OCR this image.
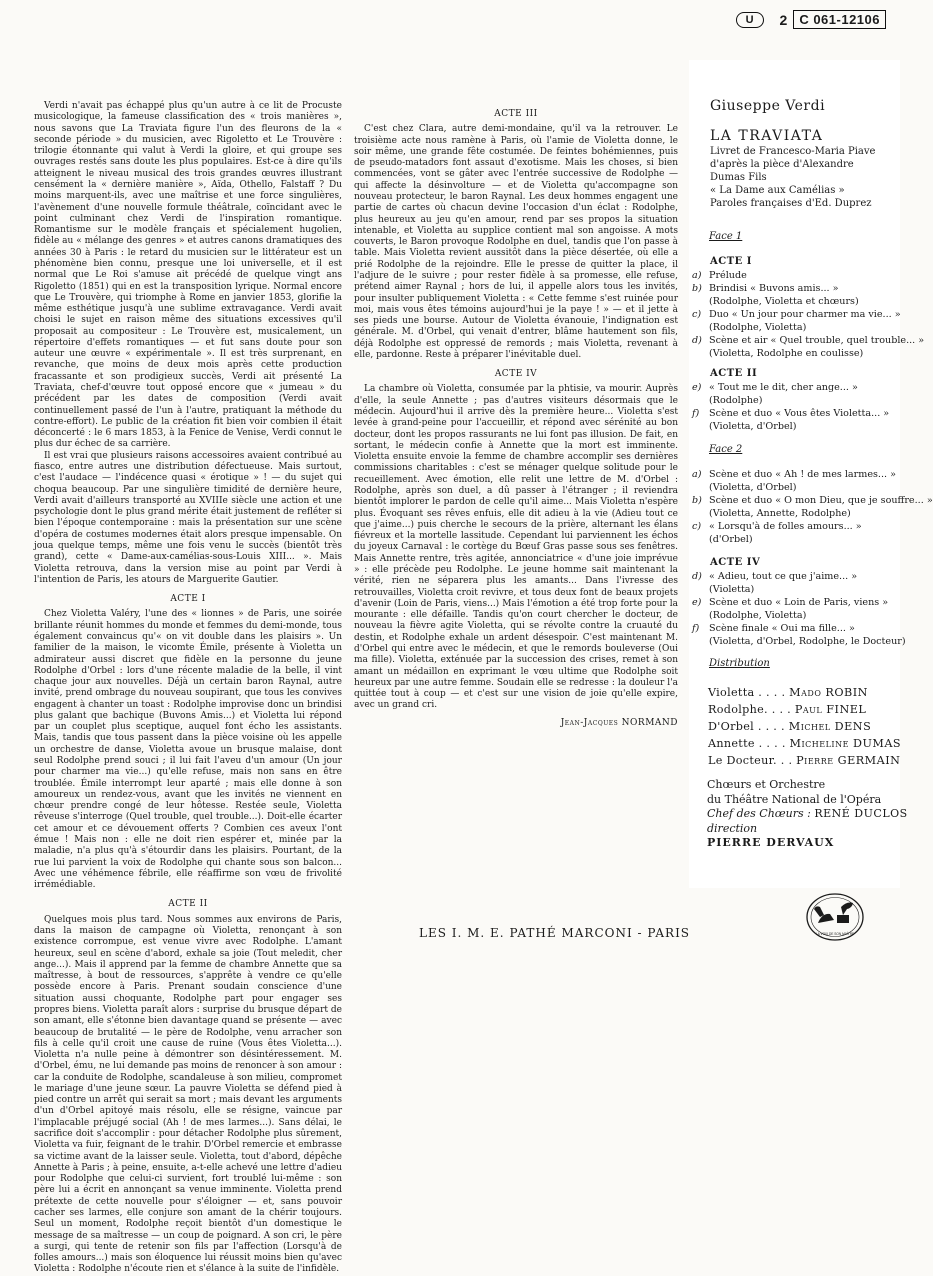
U	2 C 061-12106

Verdi n'avait pas échappé plus qu'un autre à ce lit de Procuste musicologique, la fameuse classification des « trois manières », nous savons que La Traviata figure l'un des fleurons de la « seconde période » du musicien, avec Rigoletto et Le Trouvère : trilogie étonnante qui valut à Verdi la gloire, et qui groupe ses ouvrages restés sans doute les plus populaires. Est-ce à dire qu'ils atteignent le niveau musical des trois grandes œuvres illustrant censément la « dernière manière », Aïda, Othello, Falstaff ? Du moins marquent-ils, avec une maîtrise et une force singulières, l'avènement d'une nouvelle formule théâtrale, coïncidant avec le point culminant chez Verdi de l'inspiration romantique. Romantisme sur le modèle français et spécialement hugolien, fidèle au « mélange des genres » et autres canons dramatiques des années 30 à Paris : le retard du musicien sur le littérateur est un phénomène bien connu, presque une loi universelle, et il est normal que Le Roi s'amuse ait précédé de quelque vingt ans Rigoletto (1851) qui en est la transposition lyrique. Normal encore que Le Trouvère, qui triomphe à Rome en janvier 1853, glorifie la même esthétique jusqu'à une sublime extravagance. Verdi avait choisi le sujet en raison même des situations excessives qu'il proposait au compositeur : Le Trouvère est, musicalement, un répertoire d'effets romantiques — et fut sans doute pour son auteur une œuvre « expérimentale ». Il est très surprenant, en revanche, que moins de deux mois après cette production fracassante et son prodigieux succès, Verdi ait présenté La Traviata, chef-d'œuvre tout opposé encore que « jumeau » du précédent par les dates de composition (Verdi avait continuellement passé de l'un à l'autre, pratiquant la méthode du contre-effort). Le public de la création fit bien voir combien il était déconcerté : le 6 mars 1853, à la Fenice de Venise, Verdi connut le plus dur échec de sa carrière.

Il est vrai que plusieurs raisons accessoires avaient contribué au fiasco, entre autres une distribution défectueuse. Mais surtout, c'est l'audace — l'indécence quasi « érotique » ! — du sujet qui choqua beaucoup. Par une singulière timidité de dernière heure, Verdi avait d'ailleurs transporté au XVIIIe siècle une action et une psychologie dont le plus grand mérite était justement de refléter si bien l'époque contemporaine : mais la présentation sur une scène d'opéra de costumes modernes était alors presque impensable. On joua quelque temps, même une fois venu le succès (bientôt très grand), cette « Dame-aux-camélias-sous-Louis XIII... ». Mais Violetta retrouva, dans la version mise au point par Verdi à l'intention de Paris, les atours de Marguerite Gautier.

ACTE I

Chez Violetta Valéry, l'une des « lionnes » de Paris, une soirée brillante réunit hommes du monde et femmes du demi-monde, tous également convaincus qu'« on vit double dans les plaisirs ». Un familier de la maison, le vicomte Émile, présente à Violetta un admirateur aussi discret que fidèle en la personne du jeune Rodolphe d'Orbel : lors d'une récente maladie de la belle, il vint chaque jour aux nouvelles. Déjà un certain baron Raynal, autre invité, prend ombrage du nouveau soupirant, que tous les convives engagent à chanter un toast : Rodolphe improvise donc un brindisi plus galant que bachique (Buvons Amis...) et Violetta lui répond par un couplet plus sceptique, auquel font écho les assistants. Mais, tandis que tous passent dans la pièce voisine où les appelle un orchestre de danse, Violetta avoue un brusque malaise, dont seul Rodolphe prend souci ; il lui fait l'aveu d'un amour (Un jour pour charmer ma vie...) qu'elle refuse, mais non sans en être troublée. Émile interrompt leur aparté ; mais elle donne à son amoureux un rendez-vous, avant que les invités ne viennent en chœur prendre congé de leur hôtesse. Restée seule, Violetta rêveuse s'interroge (Quel trouble, quel trouble...). Doit-elle écarter cet amour et ce dévouement offerts ? Combien ces aveux l'ont émue ! Mais non : elle ne doit rien espérer et, minée par la maladie, n'a plus qu'à s'étourdir dans les plaisirs. Pourtant, de la rue lui parvient la voix de Rodolphe qui chante sous son balcon... Avec une véhémence fébrile, elle réaffirme son vœu de frivolité irrémédiable.

ACTE II

Quelques mois plus tard. Nous sommes aux environs de Paris, dans la maison de campagne où Violetta, renonçant à son existence corrompue, est venue vivre avec Rodolphe. L'amant heureux, seul en scène d'abord, exhale sa joie (Tout meledit, cher ange...). Mais il apprend par la femme de chambre Annette que sa maîtresse, à bout de ressources, s'apprête à vendre ce qu'elle possède encore à Paris. Prenant soudain conscience d'une situation aussi choquante, Rodolphe part pour engager ses propres biens. Violetta paraît alors : surprise du brusque départ de son amant, elle s'étonne bien davantage quand se présente — avec beaucoup de brutalité — le père de Rodolphe, venu arracher son fils à celle qu'il croit une cause de ruine (Vous êtes Violetta...). Violetta n'a nulle peine à démontrer son désintéressement. M. d'Orbel, ému, ne lui demande pas moins de renoncer à son amour : car la conduite de Rodolphe, scandaleuse à son milieu, compromet le mariage d'une jeune sœur. La pauvre Violetta se défend pied à pied contre un arrêt qui serait sa mort ; mais devant les arguments d'un d'Orbel apitoyé mais résolu, elle se résigne, vaincue par l'implacable préjugé social (Ah ! de mes larmes...). Sans délai, le sacrifice doit s'accomplir : pour détacher Rodolphe plus sûrement, Violetta va fuir, feignant de le trahir. D'Orbel remercie et embrasse sa victime avant de la laisser seule. Violetta, tout d'abord, dépêche Annette à Paris ; à peine, ensuite, a-t-elle achevé une lettre d'adieu pour Rodolphe que celui-ci survient, fort troublé lui-même : son père lui a écrit en annonçant sa venue imminente. Violetta prend prétexte de cette nouvelle pour s'éloigner — et, sans pouvoir cacher ses larmes, elle conjure son amant de la chérir toujours. Seul un moment, Rodolphe reçoit bientôt d'un domestique le message de sa maîtresse — un coup de poignard. A son cri, le père a surgi, qui tente de retenir son fils par l'affection (Lorsqu'à de folles amours...) mais son éloquence lui réussit moins bien qu'avec Violetta : Rodolphe n'écoute rien et s'élance à la suite de l'infidèle.

ACTE III

C'est chez Clara, autre demi-mondaine, qu'il va la retrouver. Le troisième acte nous ramène à Paris, où l'amie de Violetta donne, le soir même, une grande fête costumée. De feintes bohémiennes, puis de pseudo-matadors font assaut d'exotisme. Mais les choses, si bien commencées, vont se gâter avec l'entrée successive de Rodolphe — qui affecte la désinvolture — et de Violetta qu'accompagne son nouveau protecteur, le baron Raynal. Les deux hommes engagent une partie de cartes où chacun devine l'occasion d'un éclat : Rodolphe, plus heureux au jeu qu'en amour, rend par ses propos la situation intenable, et Violetta au supplice contient mal son angoisse. A mots couverts, le Baron provoque Rodolphe en duel, tandis que l'on passe à table. Mais Violetta revient aussitôt dans la pièce désertée, où elle a prié Rodolphe de la rejoindre. Elle le presse de quitter la place, il l'adjure de le suivre ; pour rester fidèle à sa promesse, elle refuse, prétend aimer Raynal ; hors de lui, il appelle alors tous les invités, pour insulter publiquement Violetta : « Cette femme s'est ruinée pour moi, mais vous êtes témoins aujourd'hui je la paye ! » — et il jette à ses pieds une bourse. Autour de Violetta évanouie, l'indignation est générale. M. d'Orbel, qui venait d'entrer, blâme hautement son fils, déjà Rodolphe est oppressé de remords ; mais Violetta, revenant à elle, pardonne. Reste à préparer l'inévitable duel.

ACTE IV

La chambre où Violetta, consumée par la phtisie, va mourir. Auprès d'elle, la seule Annette ; pas d'autres visiteurs désormais que le médecin. Aujourd'hui il arrive dès la première heure... Violetta s'est levée à grand-peine pour l'accueillir, et répond avec sérénité au bon docteur, dont les propos rassurants ne lui font pas illusion. De fait, en sortant, le médecin confie à Annette que la mort est imminente. Violetta ensuite envoie la femme de chambre accomplir ses dernières commissions charitables : c'est se ménager quelque solitude pour le recueillement. Avec émotion, elle relit une lettre de M. d'Orbel : Rodolphe, après son duel, a dû passer à l'étranger ; il reviendra bientôt implorer le pardon de celle qu'il aime... Mais Violetta n'espère plus. Évoquant ses rêves enfuis, elle dit adieu à la vie (Adieu tout ce que j'aime...) puis cherche le secours de la prière, alternant les élans fiévreux et la mortelle lassitude. Cependant lui parviennent les échos du joyeux Carnaval : le cortège du Bœuf Gras passe sous ses fenêtres. Mais Annette rentre, très agitée, annonciatrice « d'une joie imprévue » : elle précède peu Rodolphe. Le jeune homme sait maintenant la vérité, rien ne séparera plus les amants... Dans l'ivresse des retrouvailles, Violetta croit revivre, et tous deux font de beaux projets d'avenir (Loin de Paris, viens...) Mais l'émotion a été trop forte pour la mourante : elle défaille. Tandis qu'on court chercher le docteur, de nouveau la fièvre agite Violetta, qui se révolte contre la cruauté du destin, et Rodolphe exhale un ardent désespoir. C'est maintenant M. d'Orbel qui entre avec le médecin, et que le remords bouleverse (Oui ma fille). Violetta, exténuée par la succession des crises, remet à son amant un médaillon en exprimant le vœu ultime que Rodolphe soit heureux par une autre femme. Soudain elle se redresse : la douleur l'a quittée tout à coup — et c'est sur une vision de joie qu'elle expire, avec un grand cri.

Jean-Jacques NORMAND
Giuseppe Verdi
LA TRAVIATA
Livret de Francesco-Maria Piave
d'après la pièce d'Alexandre Dumas Fils
« La Dame aux Camélias »
Paroles françaises d'Ed. Duprez
Face 1
ACTE I
a) Prélude
b) Brindisi « Buvons amis... »
(Rodolphe, Violetta et chœurs)
c) Duo « Un jour pour charmer ma vie... »
(Rodolphe, Violetta)
d) Scène et air « Quel trouble, quel trouble... »
(Violetta, Rodolphe en coulisse)
ACTE II
e) « Tout me le dit, cher ange... »
(Rodolphe)
f) Scène et duo « Vous êtes Violetta... »
(Violetta, d'Orbel)
Face 2
a) Scène et duo « Ah ! de mes larmes... »
(Violetta, d'Orbel)
b) Scène et duo « O mon Dieu, que je souffre... »
(Violetta, Annette, Rodolphe)
c) « Lorsqu'à de folles amours... »
(d'Orbel)
ACTE IV
d) « Adieu, tout ce que j'aime... »
(Violetta)
e) Scène et duo « Loin de Paris, viens »
(Rodolphe, Violetta)
f) Scène finale « Oui ma fille... »
(Violetta, d'Orbel, Rodolphe, le Docteur)
Distribution
Violetta . . . . Mado ROBIN
Rodolphe. . . . Paul FINEL
D'Orbel . . . . Michel DENS
Annette . . . . Micheline DUMAS
Le Docteur. . . Pierre GERMAIN
Chœurs et Orchestre
du Théâtre National de l'Opéra
Chef des Chœurs : RENÉ DUCLOS
direction
PIERRE DERVAUX
LES I. M. E. PATHÉ MARCONI - PARIS	LA VOIX DE SON MAÎTRE
